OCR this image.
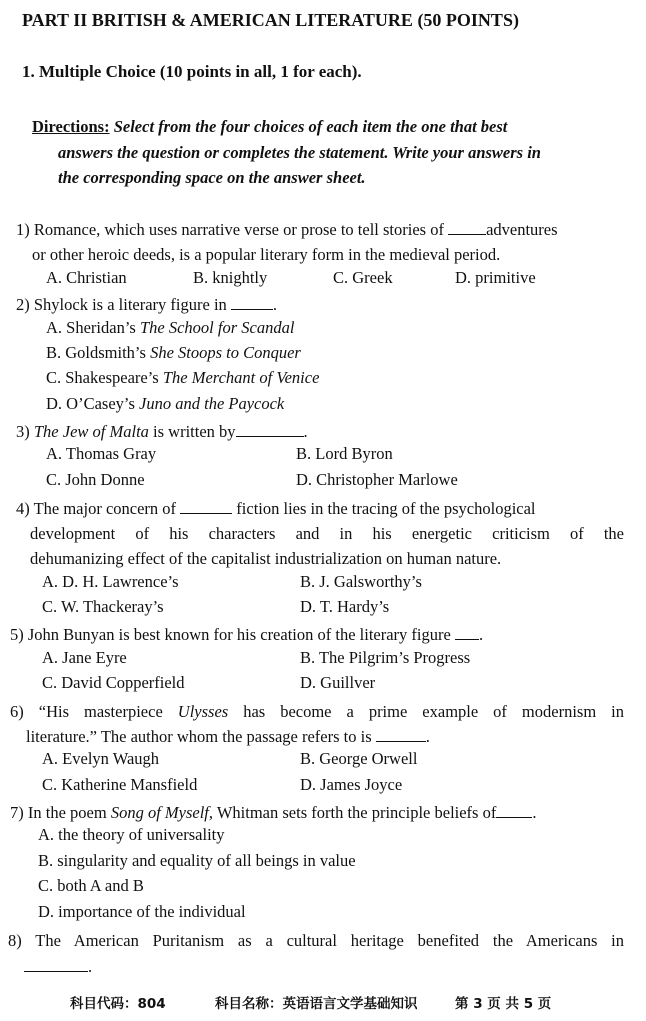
PART II BRITISH & AMERICAN LITERATURE (50 POINTS)
1. Multiple Choice (10 points in all, 1 for each).
Directions: Select from the four choices of each item the one that best
answers the question or completes the statement. Write your answers in
the corresponding space on the answer sheet.
1) Romance, which uses narrative verse or prose to tell stories of	adventures
or other heroic deeds, is a popular literary form in the medieval period.
A. Christian	B. knightly	C. Greek	D. primitive
2) Shylock is a literary figure in	.
A. Sheridan’s The School for Scandal
B. Goldsmith’s She Stoops to Conquer
C. Shakespeare’s The Merchant of Venice
D. O’Casey’s Juno and the Paycock
3) The Jew of Malta is written by	.
A. Thomas Gray	B. Lord Byron
C. John Donne	D. Christopher Marlowe
4) The major concern of	fiction lies in the tracing of the psychological
development of his characters and in his energetic criticism of the
dehumanizing effect of the capitalist industrialization on human nature.
A. D. H. Lawrence’s	B. J. Galsworthy’s
C. W. Thackeray’s	D. T. Hardy’s
5) John Bunyan is best known for his creation of the literary figure .
A. Jane Eyre	B. The Pilgrim’s Progress
C. David Copperfield	D. Guillver
6) “His masterpiece Ulysses has become a prime example of modernism in
literature.” The author whom the passage refers to is	.
A. Evelyn Waugh	B. George Orwell
C. Katherine Mansfield	D. James Joyce
7) In the poem Song of Myself, Whitman sets forth the principle beliefs of .
A. the theory of universality
B. singularity and equality of all beings in value
C. both A and B
D. importance of the individual
8) The American Puritanism as a cultural heritage benefited the Americans in
.
科目代码：804	科目名称：英语语言文学基础知识	第 3 页 共 5 页
